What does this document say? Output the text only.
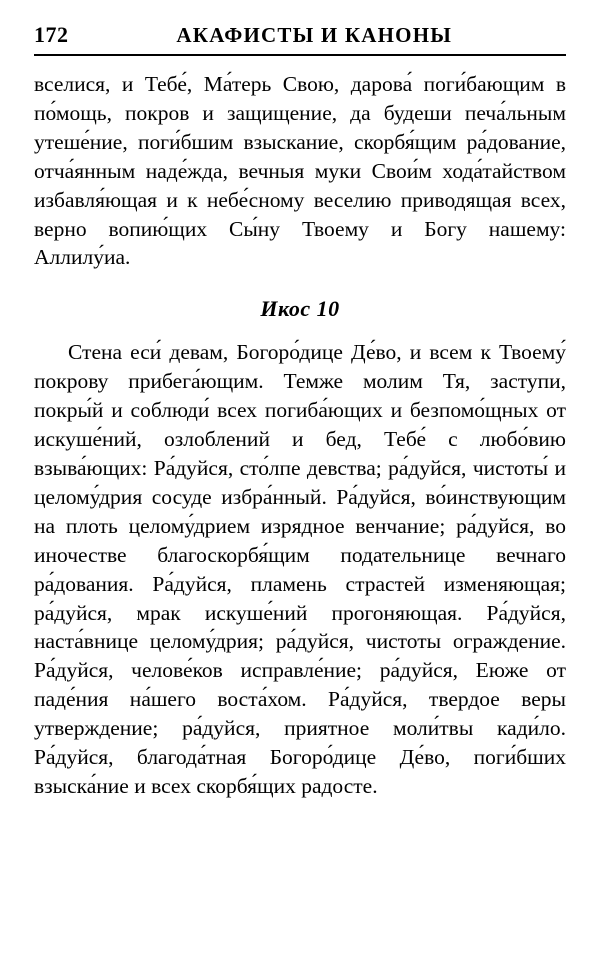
172	АКАФИСТЫ И КАНОНЫ
вселися, и Тебе́, Ма́терь Свою, дарова́ поги́бающим в по́мощь, покров и защищение, да будеши печа́льным утеше́ние, поги́бшим взыскание, скорбя́щим ра́дование, отча́янным наде́жда, вечныя муки Свои́м хода́тайством избавля́ющая и к небе́сному веселию приводящая всех, верно вопию́щих Сы́ну Твоему и Богу нашему: Аллилу́иа.
Икос 10

Стена еси́ девам, Богоро́дице Де́во, и всем к Твоему́ покрову прибега́ющим. Темже молим Тя, заступи, покры́й и соблюди́ всех погиба́ющих и безпомо́щных от искуше́ний, озлоблений и бед, Тебе́ с любо́вию взыва́ющих: Ра́дуйся, сто́лпе девства; ра́дуйся, чистоты́ и целому́дрия сосуде избра́нный. Ра́дуйся, во́инствующим на плоть целому́дрием изрядное венчание; ра́дуйся, во иночестве благоскорбя́щим подательнице вечнаго ра́дования. Ра́дуйся, пламень страстей изменяющая; ра́дуйся, мрак искуше́ний прогоняющая. Ра́дуйся, наста́внице целому́дрия; ра́дуйся, чистоты ограждение. Ра́дуйся, челове́ков исправле́ние; ра́дуйся, Еюже от паде́ния на́шего воста́хом. Ра́дуйся, твердое веры утверждение; ра́дуйся, приятное моли́твы кади́ло. Ра́дуйся, благода́тная Богоро́дице Де́во, поги́бших взыска́ние и всех скорбя́щих радосте.
